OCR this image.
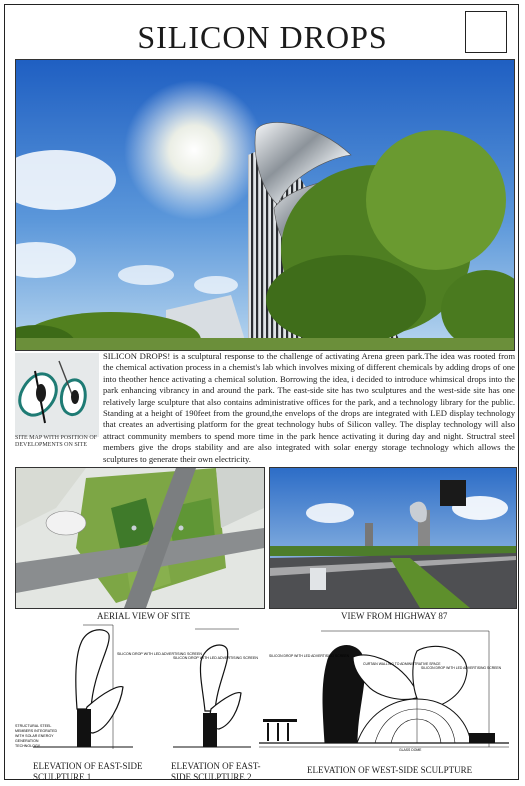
SILICON DROPS
SITE MAP WITH POSITION OF DEVELOPMENTS ON SITE
SILICON DROPS! is a sculptural response to the challenge of activating Arena green park.The idea was rooted from the chemical activation process in a chemist's lab which involves mixing of different chemicals by adding drops of one into theother hence activating a chemical solution. Borrowing the idea, i decided to introduce whimsical drops into the park enhancing vibrancy in and around the park. The east-side site has two sculptures and the west-side site has one relatively large sculpture that also contains administrative offices for the park, and a technology library for the public. Standing at a height of 190feet from the ground,the envelops of the drops are integrated with LED display technology that creates an advertising platform for the great technology hubs of Silicon valley. The display technology will also attract community members to spend more time in the park hence activating it during day and night. Structral steel members give the drops stability and are also integrated with solar energy storage technology which allows the sculptures to generate their own electricity.
AERIAL VIEW OF SITE	VIEW FROM HIGHWAY 87
SILICON DROP WITH LED ADVERTISING SCREEN
STRUCTURAL STEEL MEMBERS INTEGRATED WITH SOLAR ENERGY GENERATION TECHNOLOGY
ELEVATION OF EAST-SIDE SCULPTURE 1
SILICON DROP WITH LED ADVERTISING SCREEN
ELEVATION OF EAST-SIDE SCULPTURE 2
SILICON DROP WITH LED ADVERTISING SCREEN
CURTAIN WALLING TO ADMINISTRATIVE SPACE
SILICON DROP WITH LED ADVERTISING SCREEN
GLASS DOME
ELEVATION OF WEST-SIDE SCULPTURE
